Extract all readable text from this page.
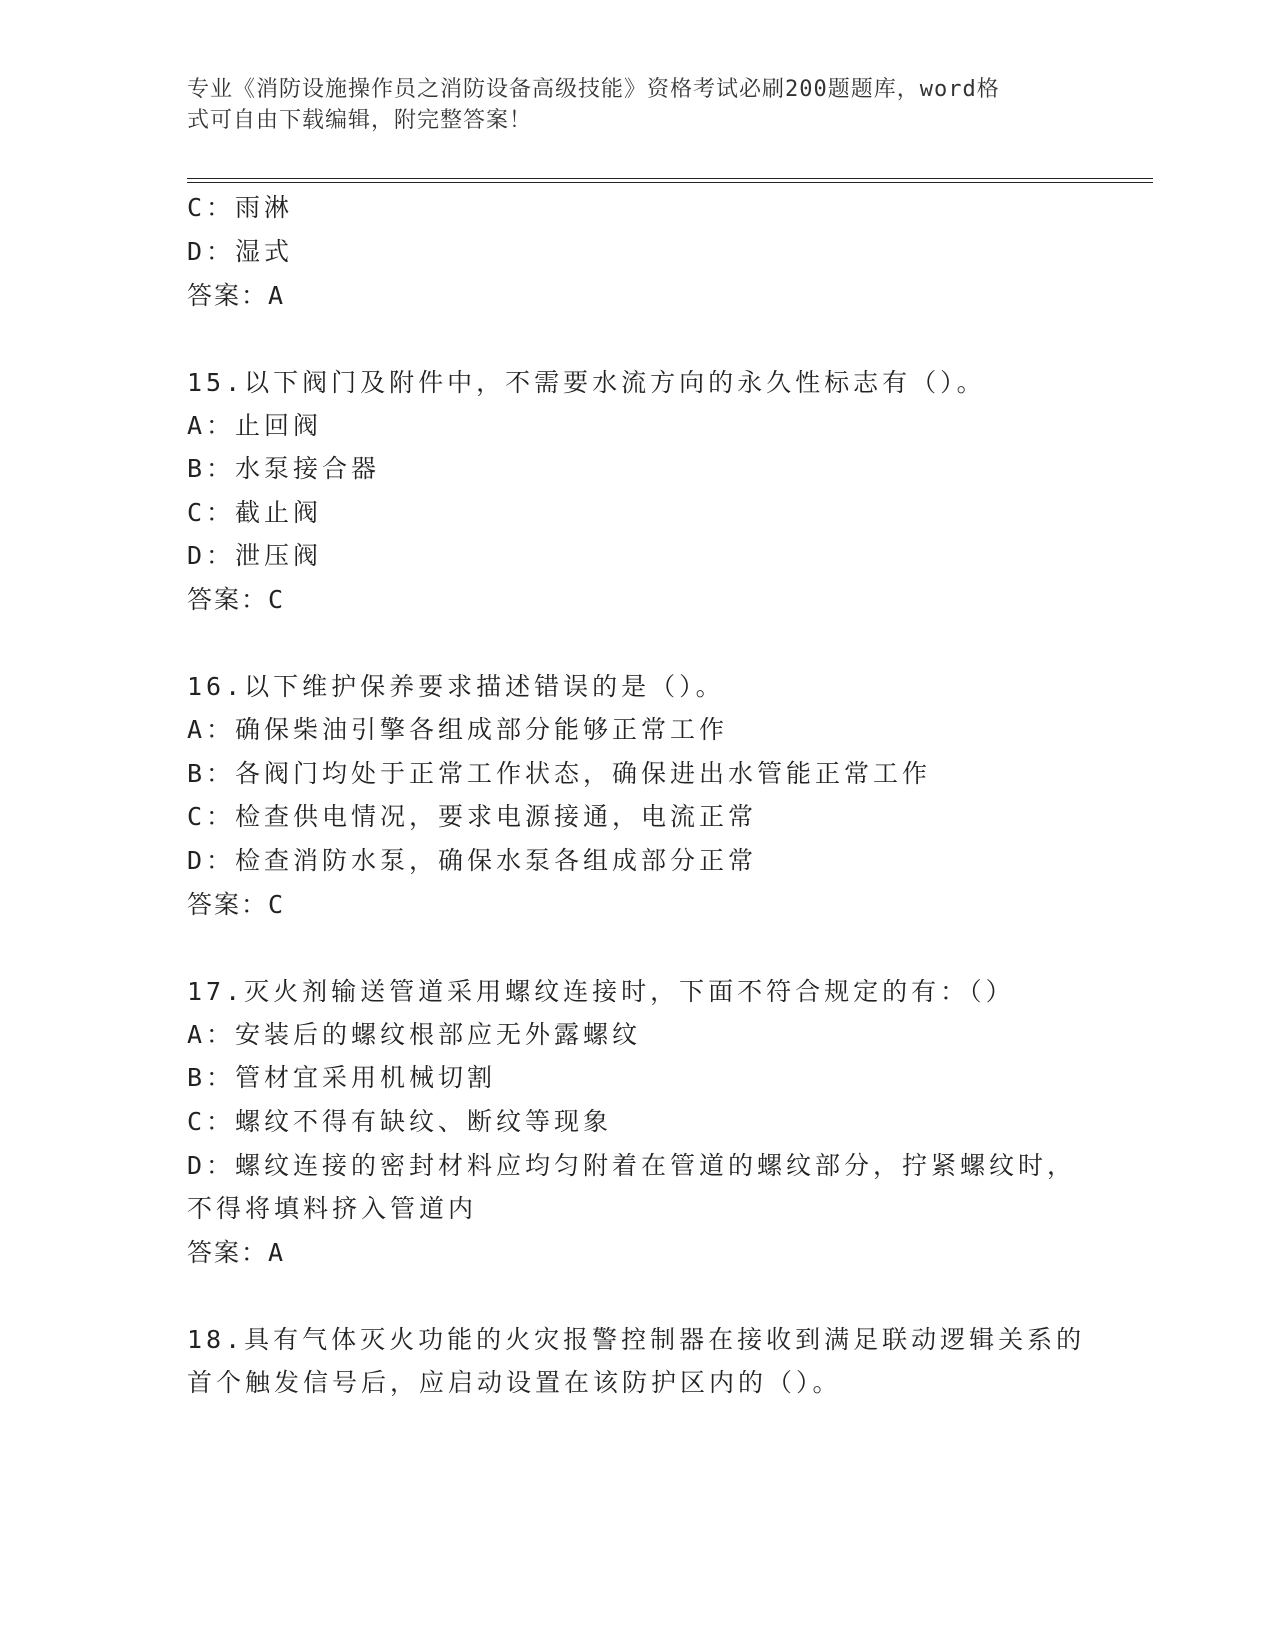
专业《消防设施操作员之消防设备高级技能》资格考试必刷200题题库，word格
式可自由下载编辑，附完整答案！
C：雨淋
D：湿式
答案：A
15.以下阀门及附件中，不需要水流方向的永久性标志有（）。
A：止回阀
B：水泵接合器
C：截止阀
D：泄压阀
答案：C
16.以下维护保养要求描述错误的是（）。
A：确保柴油引擎各组成部分能够正常工作
B：各阀门均处于正常工作状态，确保进出水管能正常工作
C：检查供电情况，要求电源接通，电流正常
D：检查消防水泵，确保水泵各组成部分正常
答案：C
17.灭火剂输送管道采用螺纹连接时，下面不符合规定的有：（）
A：安装后的螺纹根部应无外露螺纹
B：管材宜采用机械切割
C：螺纹不得有缺纹、断纹等现象
D：螺纹连接的密封材料应均匀附着在管道的螺纹部分，拧紧螺纹时，
不得将填料挤入管道内
答案：A
18.具有气体灭火功能的火灾报警控制器在接收到满足联动逻辑关系的
首个触发信号后，应启动设置在该防护区内的（）。
